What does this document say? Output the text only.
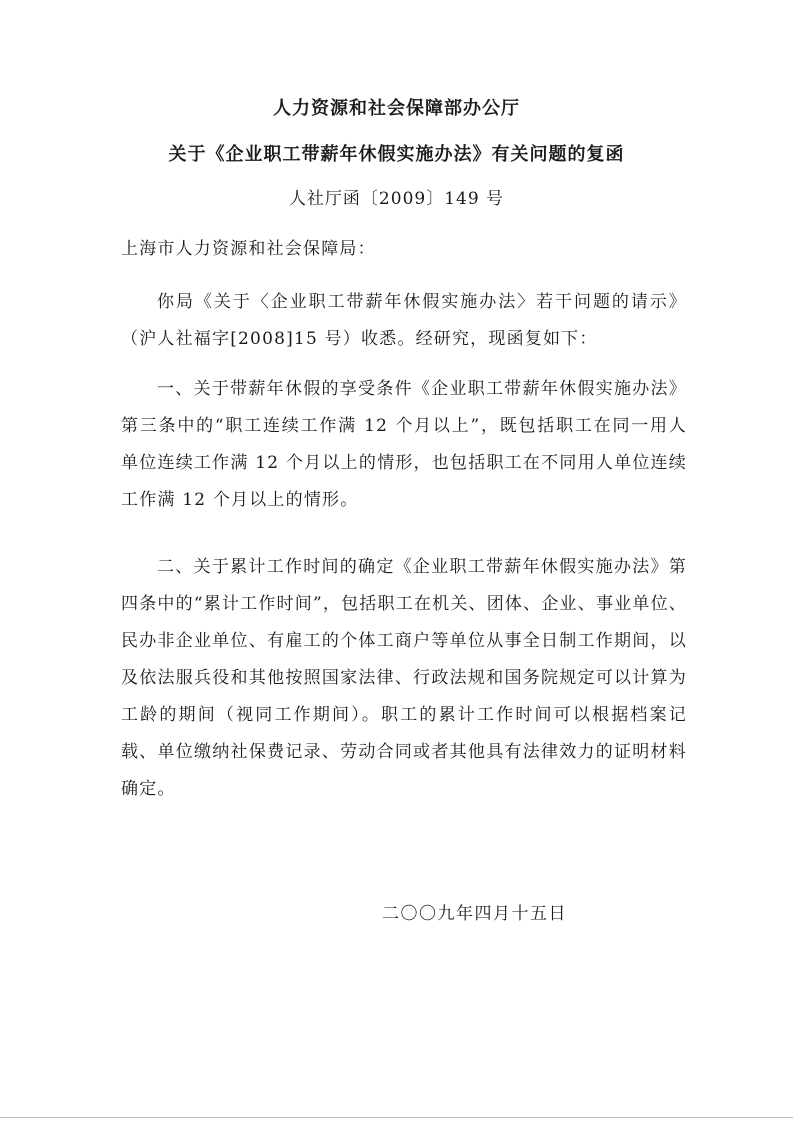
人力资源和社会保障部办公厅
关于《企业职工带薪年休假实施办法》有关问题的复函
人社厅函〔2009〕149 号
上海市人力资源和社会保障局：
你局《关于〈企业职工带薪年休假实施办法〉若干问题的请示》（沪人社福字[2008]15 号）收悉。经研究，现函复如下：
一、关于带薪年休假的享受条件《企业职工带薪年休假实施办法》第三条中的“职工连续工作满 12 个月以上”，既包括职工在同一用人单位连续工作满 12 个月以上的情形，也包括职工在不同用人单位连续工作满 12 个月以上的情形。
二、关于累计工作时间的确定《企业职工带薪年休假实施办法》第四条中的“累计工作时间”，包括职工在机关、团体、企业、事业单位、民办非企业单位、有雇工的个体工商户等单位从事全日制工作期间，以及依法服兵役和其他按照国家法律、行政法规和国务院规定可以计算为工龄的期间（视同工作期间）。职工的累计工作时间可以根据档案记载、单位缴纳社保费记录、劳动合同或者其他具有法律效力的证明材料确定。
二〇〇九年四月十五日
